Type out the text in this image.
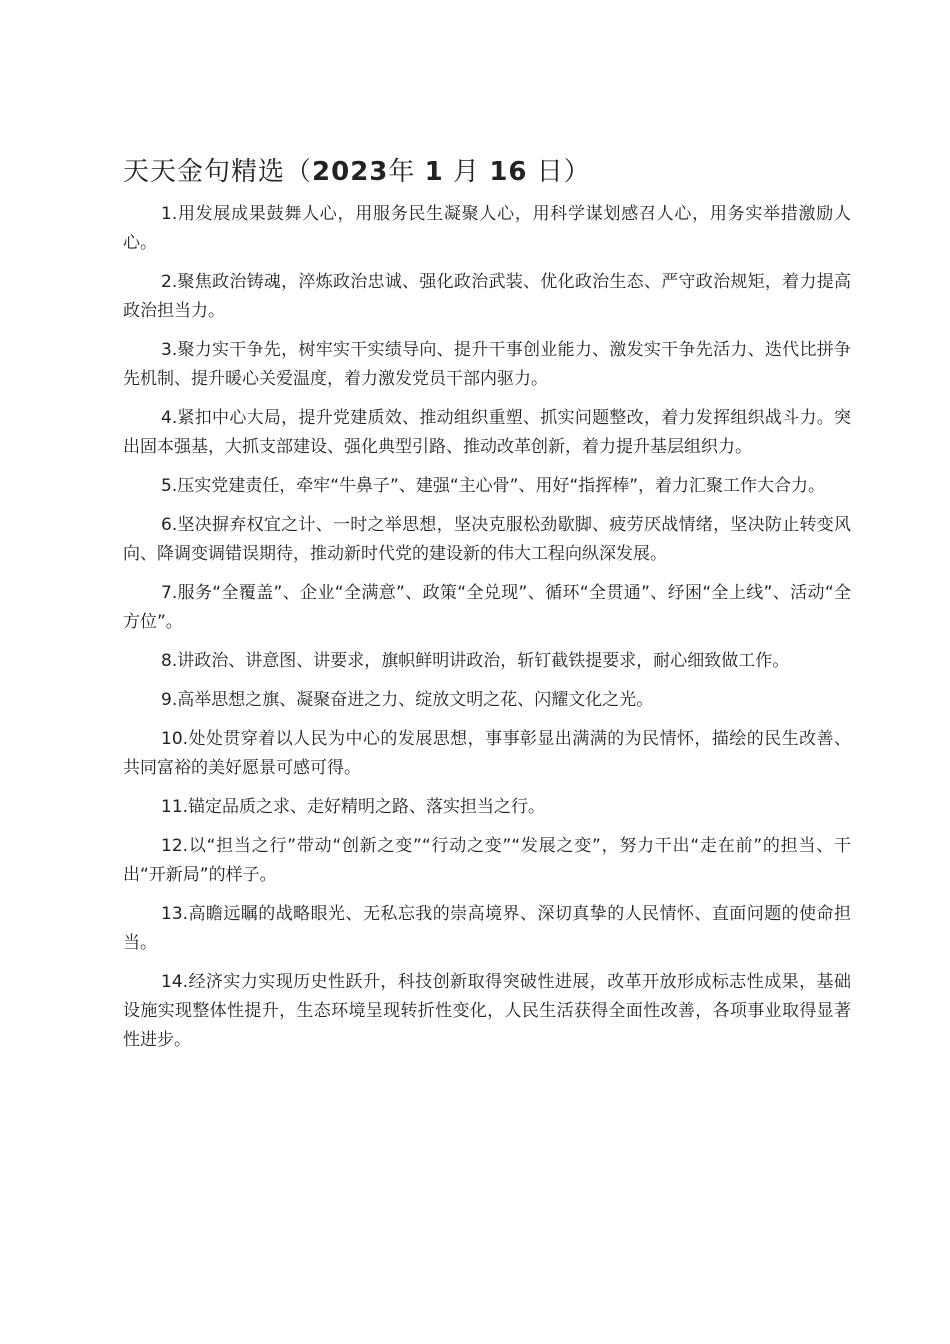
天天金句精选（2023年 1 月 16 日）

1.用发展成果鼓舞人心，用服务民生凝聚人心，用科学谋划感召人心，用务实举措激励人心。

2.聚焦政治铸魂，淬炼政治忠诚、强化政治武装、优化政治生态、严守政治规矩，着力提高政治担当力。

3.聚力实干争先，树牢实干实绩导向、提升干事创业能力、激发实干争先活力、迭代比拼争先机制、提升暖心关爱温度，着力激发党员干部内驱力。

4.紧扣中心大局，提升党建质效、推动组织重塑、抓实问题整改，着力发挥组织战斗力。突出固本强基，大抓支部建设、强化典型引路、推动改革创新，着力提升基层组织力。

5.压实党建责任，牵牢“牛鼻子”、建强“主心骨”、用好“指挥棒”，着力汇聚工作大合力。

6.坚决摒弃权宜之计、一时之举思想，坚决克服松劲歇脚、疲劳厌战情绪，坚决防止转变风向、降调变调错误期待，推动新时代党的建设新的伟大工程向纵深发展。

7.服务“全覆盖”、企业“全满意”、政策“全兑现”、循环“全贯通”、纾困“全上线”、活动“全方位”。

8.讲政治、讲意图、讲要求，旗帜鲜明讲政治，斩钉截铁提要求，耐心细致做工作。

9.高举思想之旗、凝聚奋进之力、绽放文明之花、闪耀文化之光。

10.处处贯穿着以人民为中心的发展思想，事事彰显出满满的为民情怀，描绘的民生改善、共同富裕的美好愿景可感可得。

11.锚定品质之求、走好精明之路、落实担当之行。

12.以“担当之行”带动“创新之变”“行动之变”“发展之变”，努力干出“走在前”的担当、干出“开新局”的样子。

13.高瞻远瞩的战略眼光、无私忘我的崇高境界、深切真挚的人民情怀、直面问题的使命担当。

14.经济实力实现历史性跃升，科技创新取得突破性进展，改革开放形成标志性成果，基础设施实现整体性提升，生态环境呈现转折性变化，人民生活获得全面性改善，各项事业取得显著性进步。
